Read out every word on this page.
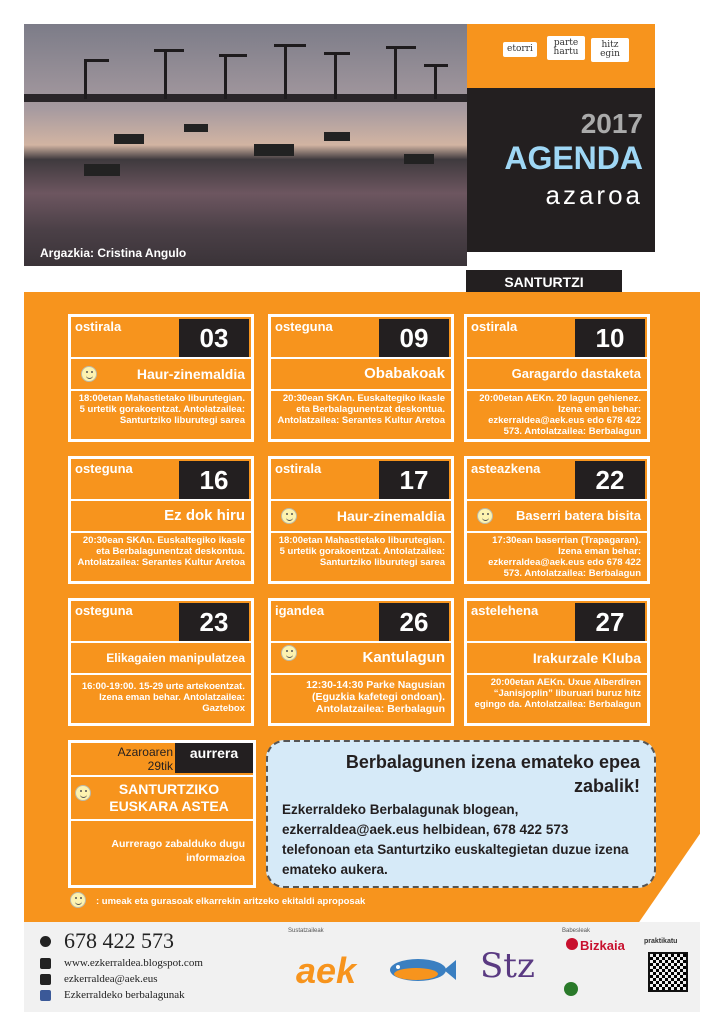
Argazkia: Cristina Angulo
etorri
parte hartu
hitz egin
2017
AGENDA
azaroa
SANTURTZI
ostirala	03
Haur-zinemaldia
18:00etan Mahastietako liburutegian. 5 urtetik gorakoentzat. Antolatzailea: Santurtziko liburutegi sarea
osteguna	09
Obabakoak
20:30ean SKAn. Euskaltegiko ikasle eta Berbalagunentzat deskontua. Antolatzailea: Serantes Kultur Aretoa
ostirala	10
Garagardo dastaketa
20:00etan AEKn. 20 lagun gehienez. Izena eman behar: ezkerraldea@aek.eus edo 678 422 573. Antolatzailea: Berbalagun
osteguna	16
Ez dok hiru
20:30ean SKAn. Euskaltegiko ikasle eta Berbalagunentzat deskontua. Antolatzailea: Serantes Kultur Aretoa
ostirala	17
Haur-zinemaldia
18:00etan Mahastietako liburutegian. 5 urtetik gorakoentzat. Antolatzailea: Santurtziko liburutegi sarea
asteazkena	22
Baserri batera bisita
17:30ean baserrian (Trapagaran). Izena eman behar: ezkerraldea@aek.eus edo 678 422 573. Antolatzailea: Berbalagun
osteguna	23
Elikagaien manipulatzea
16:00-19:00. 15-29 urte artekoentzat. Izena eman behar. Antolatzailea: Gaztebox
igandea	26
Kantulagun
12:30-14:30 Parke Nagusian (Eguzkia kafetegi ondoan). Antolatzailea: Berbalagun
astelehena	27
Irakurzale Kluba
20:00etan AEKn. Uxue Alberdiren “Janisjoplin” liburuari buruz hitz egingo da. Antolatzailea: Berbalagun
Azaroaren 29tik
aurrera
SANTURTZIKO EUSKARA ASTEA
Aurrerago zabalduko dugu informazioa
Berbalagunen izena emateko epea zabalik!
Ezkerraldeko Berbalagunak blogean, ezkerraldea@aek.eus helbidean, 678 422 573 telefonoan eta Santurtziko euskaltegietan duzue izena emateko aukera.
: umeak eta gurasoak elkarrekin aritzeko ekitaldi aproposak
678 422 573
www.ezkerraldea.blogspot.com
ezkerraldea@aek.eus
Ezkerraldeko berbalagunak
Sustatzaileak
aek	Stz
Babesleak
Bizkaia	praktikatu
